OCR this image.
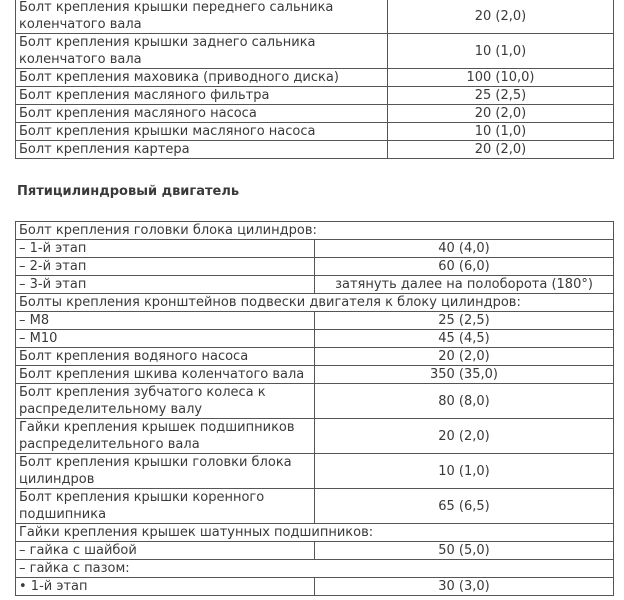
Болт крепления крышки переднего сальника коленчатого вала	20 (2,0)
Болт крепления крышки заднего сальника коленчатого вала	10 (1,0)
Болт крепления маховика (приводного диска)	100 (10,0)
Болт крепления масляного фильтра	25 (2,5)
Болт крепления масляного насоса	20 (2,0)
Болт крепления крышки масляного насоса	10 (1,0)
Болт крепления картера	20 (2,0)
Пятицилиндровый двигатель
Болт крепления головки блока цилиндров:	
– 1-й этап	40 (4,0)
– 2-й этап	60 (6,0)
– 3-й этап	затянуть далее на полоборота (180°)
Болты крепления кронштейнов подвески двигателя к блоку цилиндров:	
– M8	25 (2,5)
– M10	45 (4,5)
Болт крепления водяного насоса	20 (2,0)
Болт крепления шкива коленчатого вала	350 (35,0)
Болт крепления зубчатого колеса к распределительному валу	80 (8,0)
Гайки крепления крышек подшипников распределительного вала	20 (2,0)
Болт крепления крышки головки блока цилиндров	10 (1,0)
Болт крепления крышки коренного подшипника	65 (6,5)
Гайки крепления крышек шатунных подшипников:	
– гайка с шайбой	50 (5,0)
– гайка с пазом:	
• 1-й этап	30 (3,0)
